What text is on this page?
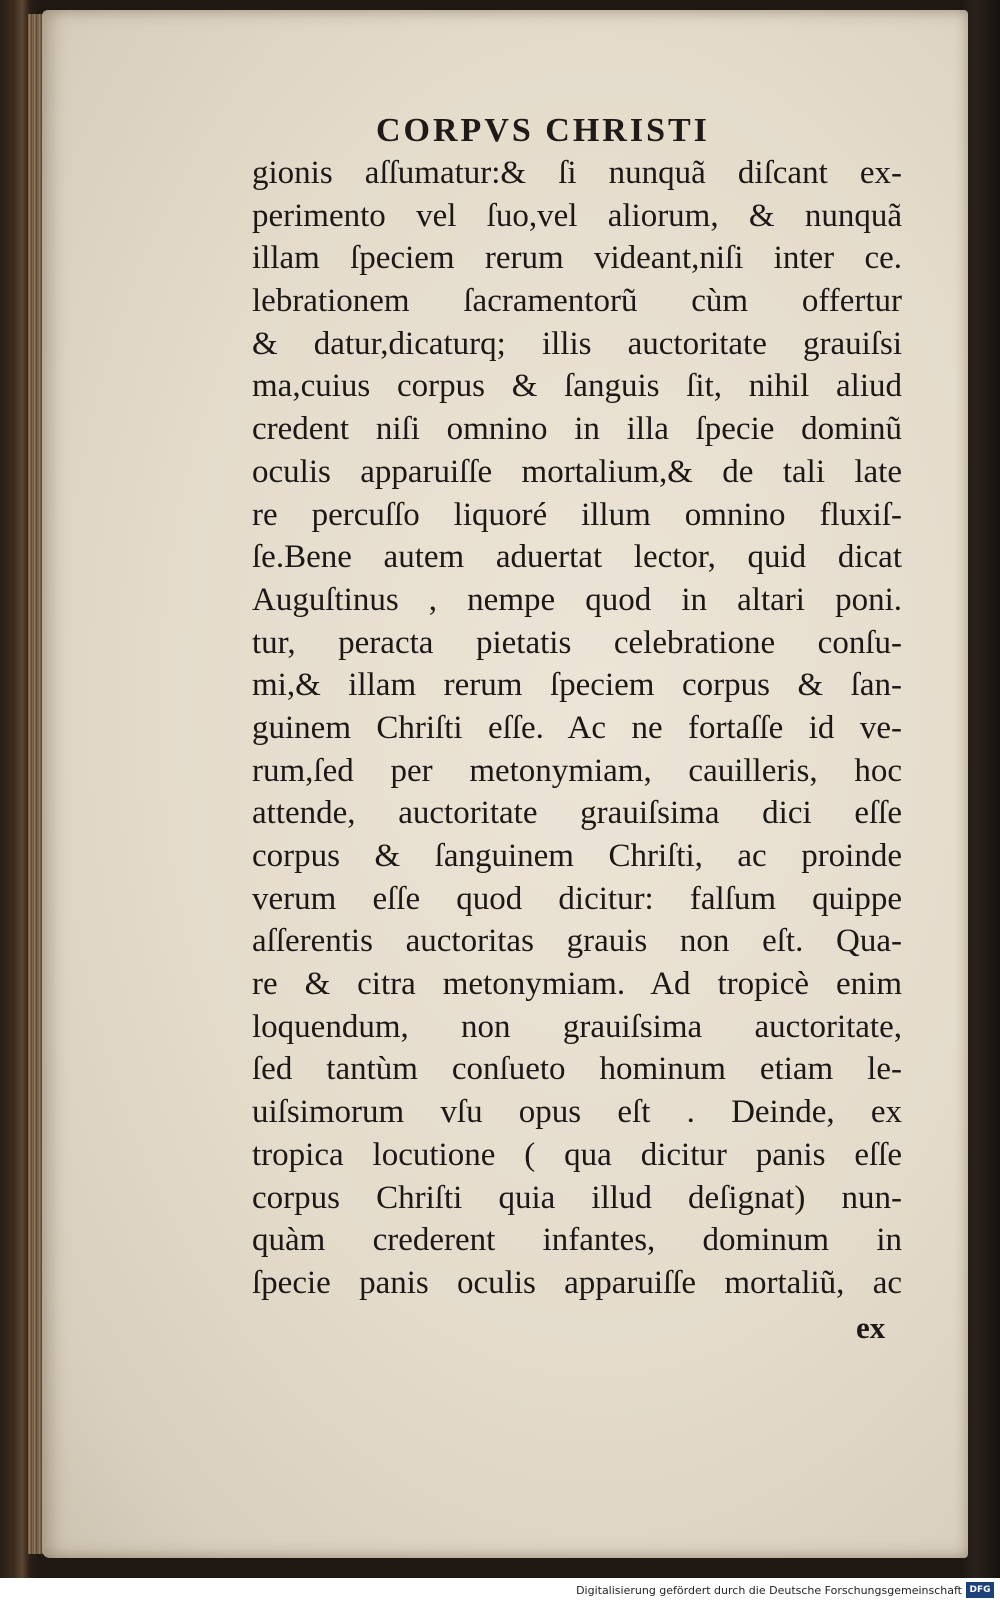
CORPVS CHRISTI
gionis aſſumatur:& ſi nunquã diſcant ex-
perimento vel ſuo,vel aliorum, & nunquã
illam ſpeciem rerum videant,niſi inter ce.
lebrationem ſacramentorũ cùm offertur
& datur,dicaturq; illis auctoritate grauiſsi
ma,cuius corpus & ſanguis ſit, nihil aliud
credent niſi omnino in illa ſpecie dominũ
oculis apparuiſſe mortalium,& de tali late
re percuſſo liquoré illum omnino fluxiſ-
ſe.Bene autem aduertat lector, quid dicat
Auguſtinus , nempe quod in altari poni.
tur, peracta pietatis celebratione conſu-
mi,& illam rerum ſpeciem corpus & ſan-
guinem Chriſti eſſe. Ac ne fortaſſe id ve-
rum,ſed per metonymiam, cauilleris, hoc
attende, auctoritate grauiſsima dici eſſe
corpus & ſanguinem Chriſti, ac proinde
verum eſſe quod dicitur: falſum quippe
aſſerentis auctoritas grauis non eſt. Qua-
re & citra metonymiam. Ad tropicè enim
loquendum, non grauiſsima auctoritate,
ſed tantùm conſueto hominum etiam le-
uiſsimorum vſu opus eſt . Deinde, ex
tropica locutione ( qua dicitur panis eſſe
corpus Chriſti quia illud deſignat) nun-
quàm crederent infantes, dominum in
ſpecie panis oculis apparuiſſe mortaliũ, ac
ex
Digitalisierung gefördert durch die Deutsche Forschungsgemeinschaft DFG
